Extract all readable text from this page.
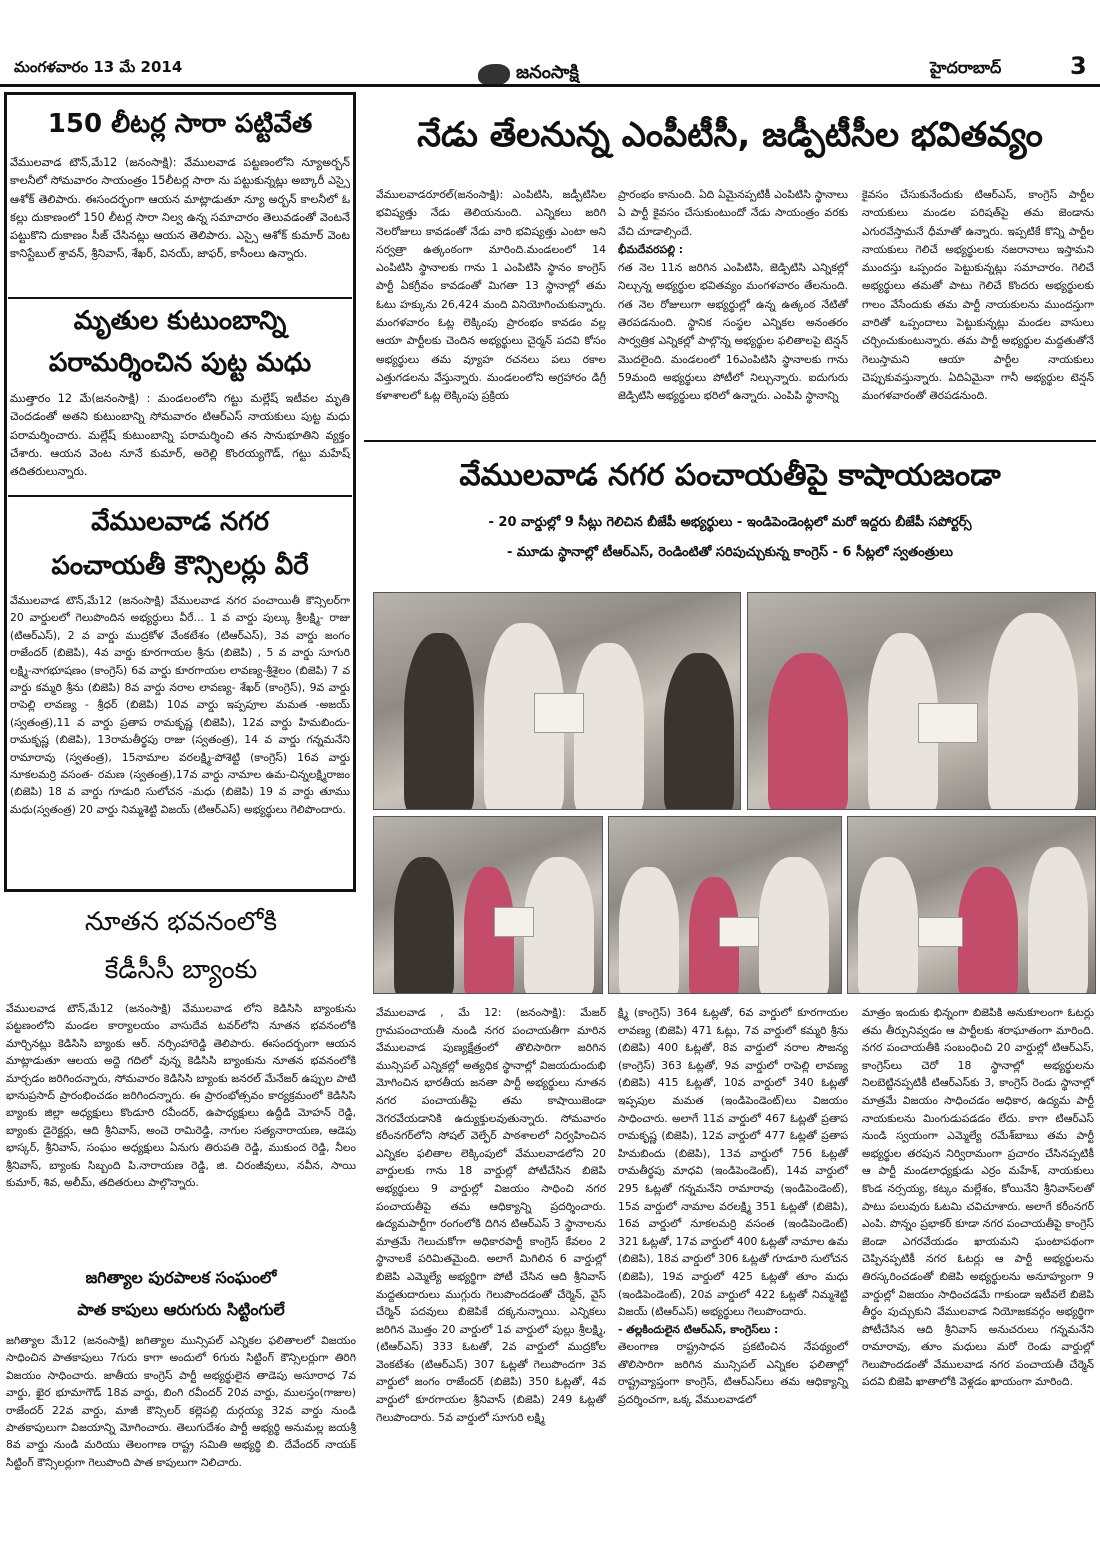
మంగళవారం 13 మే 2014	జనంసాక్షి	హైదరాబాద్	3
150 లీటర్ల సారా పట్టివేత
వేములవాడ టౌన్,మే12 (జనంసాక్షి): వేములవాడ పట్టణంలోని న్యూఅర్బన్ కాలనీలో సోమవారం సాయంత్రం 15లీటర్ల సారా ను పట్టుకున్నట్లు అబ్కారీ ఎస్సై ఆశోక్ తెలిపారు. ఈసందర్భంగా ఆయన మాట్లాడుతూ న్యూ అర్బన్ కాలనీలో ఓ కల్లు దుకాణంలో 150 లీటర్ల సారా నిల్వ ఉన్న సమాచారం తెలువడంతో వెంటనే పట్టుకొని దుకాణం సీజ్ చేసినట్లు ఆయన తెలిపారు. ఎస్సై ఆశోక్ కుమార్ వెంట కానిస్టేబుల్ శ్రావన్, శ్రీనివాస్, శేఖర్, వినయ్, జాఫర్, కాసీంలు ఉన్నారు.
మృతుల కుటుంబాన్ని
పరామర్శించిన పుట్ట మధు
ముత్తారం 12 మే(జనంసాక్షి) : మండలంలోని గట్టు మల్లేష్ ఇటీవల మృతి చెందడంతో అతని కుటుంబాన్ని సోమవారం టిఆర్ఎస్ నాయకులు పుట్ట మధు పరామర్శించారు. మల్లేష్ కుటుంబాన్ని పరామర్శించి తన సానుభూతిని వ్యక్తం చేశారు. ఆయన వెంట నూనే కుమార్, అరెల్లి కొంరయ్యగౌడ్, గట్టు మహేష్ తదితరులున్నారు.
వేములవాడ నగర
పంచాయతీ కౌన్సిలర్లు వీరే
వేములవాడ టౌన్,మే12 (జనంసాక్షి) వేములవాడ నగర పంచాయితీ కౌన్సిలర్‌గా 20 వార్డులలో గెలుపొందిన అభ్యర్ధులు వీరే... 1 వ వార్డు పుల్కు శ్రీలక్ష్మి- రాజు (టిఆర్ఎస్), 2 వ వార్డు ముద్రకోళ వేంకటేశం (టిఆర్ఎస్), 3వ వార్డు జంగం రాజేందర్ (బిజెపి), 4వ వార్డు కూరగాయల శ్రీను (బిజెపి) , 5 వ వార్డు సూగురి లక్ష్మి-నాగభూషణం (కాంగ్రెస్) 6వ వార్డు కూరగాయల లావణ్య-శ్రీశైలం (బిజెపి) 7 వ వార్డు కమ్మరి శ్రీను (బిజెపి) 8వ వార్డు నరాల లావణ్య- శేఖర్ (కాంగ్రెస్), 9వ వార్డు రాపెల్లి లావణ్య - శ్రీధర్ (బిజెపి) 10వ వార్డు ఇప్పపూల మమత -అజయ్ (స్వతంత్ర),11 వ వార్డు ప్రతాప రామకృష్ణ (బిజెపి), 12వ వార్డు హిమబిందు-రామకృష్ణ (బిజెపి), 13రామతీర్థపు రాజు (స్వతంత్ర), 14 వ వార్డు గన్నమనేని రామారావు (స్వతంత్ర), 15నామాల వరలక్ష్మి-పోశెట్టి (కాంగ్రెస్) 16వ వార్డు నూకలమర్రి వసంత- రమణ (స్వతంత్ర),17వ వార్డు నామాల ఉమ-చిన్నలక్ష్మిరాజం (బిజెపి) 18 వ వార్డు గూడురి సులోచన -మధు (బిజెపి) 19 వ వార్డు తూము మధు(స్వతంత్ర) 20 వార్డు నిమ్మశెట్టి విజయ్ (టిఆర్ఎస్) అభ్యర్థులు గెలిపొందారు.
నూతన భవనంలోకి
కేడీసీసీ బ్యాంకు
వేములవాడ టౌన్,మే12 (జనంసాక్షి) వేములవాడ లోని కెడిసిసి బ్యాంకును పట్టణంలోని మండల కార్యాలయం వాసుదేవ టవర్‌లోని నూతన భవనంలోకి మార్చినట్లు కెడిసిసి బ్యాంకు ఆర్. నర్సింహారెడ్డి తెలిపారు. ఈసందర్బంగా ఆయన మాట్లాడుతూ ఆలయ అద్దె గదిలో వున్న కెడిసిసి బ్యాంకును నూతన భవనంలోకి మార్చడం జరిగిందన్నారు, సోమవారం కెడిసిసి బ్యాంకు జనరల్ మేనేజర్ ఉప్పుల పాటి భానుప్రసాద్ ప్రారంభించడం జరిగిందన్నారు. ఈ ప్రారంభోత్సవం కార్యక్రమంలో కెడిసిసి బ్యాంకు జిల్లా అధ్యక్షులు కొండూరి రవీందర్, ఉపాధ్యక్షులు ఉద్దీడి మోహన్ రెడ్డి, బ్యాంకు డైరెక్టర్లు, ఆది శ్రీనివాస్, అంచె రామిరెడ్డి, నాగుల సత్యనారాయణ, ఆడెపు భాస్కర్, శ్రీనివాస్, సంఘం అధ్యక్షులు ఏనుగు తిరుపతి రెడ్డి, ముకుంద రెడ్డి, నీలం శ్రీనివాస్, బ్యాంకు సిబ్బంది పి.నారాయణ రెడ్డి, జి. చిరంజీవులు, నవీన, సాయి కుమార్, శివ, అలీమ్, తదితరులు పాల్గొన్నారు.
జగిత్యాల పురపాలక సంఘంలో
పాత కాపులు ఆరుగురు సిట్టింగులే
జగిత్యాల మే12 (జనంసాక్షి) జగిత్యాల మున్సిపల్ ఎన్నికల ఫలితాలలో విజయం సాధించిన పాతకాపులు 7గురు కాగా అందులో 6గురు సిట్టింగ్ కౌన్సిలర్లుగా తిరిగి విజయం సాధించారు. జాతీయ కాంగ్రెస్ పార్టీ అభ్యర్థులైన తాడెపు అసూరాధ 7వ వార్డు, ఖైర భూమాగౌడ్ 18వ వార్డు, బింగి రవీందర్ 20వ వార్డు, ములస్తం(గాజుల) రాజేందర్ 22వ వార్డు, మాజీ కౌన్సిలర్ కల్లెపల్లి దుర్గయ్య 32వ వార్డు నుండి పాతకాపులుగా విజయాన్ని మోగించారు. తెలుగుదేశం పార్టీ అభ్యర్థి అనుమల్ల జయశ్రీ 8వ వార్డు నుండి మరియు తెలంగాణ రాష్ట్ర సమితి అభ్యర్థి బి. దేవేందర్ నాయక్ సిట్టింగ్ కౌన్సిలర్లుగా గెలుపొంది పాత కాపులుగా నిలిచారు.
నేడు తేలనున్న ఎంపీటీసీ, జడ్పీటీసీల భవితవ్యం
వేములవాడరూరల్(జనంసాక్షి): ఎంపిటిసి, జడ్పీటిసిల భవిష్యత్తు నేడు తెలియనుంది. ఎన్నికలు జరిగి నెలరోజులు కావడంతో నేడు వారి భవిష్యత్తు ఎంటా అని సర్వత్రా ఉత్కంఠంగా మారింది.మండలంలో 14 ఎంపిటిసి స్థానాలకు గాను 1 ఎంపిటిసి స్థానం కాంగ్రెస్ పార్టీ ఏకగ్రీవం కావడంతో మిగతా 13 స్థానాల్లో తమ ఓటు హక్కును 26,424 మంది వినియోగించుకున్నారు. మంగళవారం ఓట్ల లెక్కింపు ప్రారంభం కావడం వల్ల ఆయా పార్టీలకు చెందిన అభ్యర్థులు చైర్మన్ పదవి కోసం అభ్యర్థులు తమ వ్యూహ రచనలు పలు రకాల ఎత్తుగడలను వేస్తున్నారు. మండలంలోని అగ్రహారం డిగ్రీ కళాశాలలో ఓట్ల లెక్కింపు ప్రక్రియ
ప్రారంభం కానుంది. ఏది ఏమైనప్పటికీ ఎంపిటిసి స్థానాలు ఏ పార్టీ కైవసం చేసుకుంటుందో నేడు సాయంత్రం వరకు వేచి చూడాల్సిందే.
భీమదేవరపల్లి :
గత నెల 11న జరిగిన ఎంపిటిసి, జెడ్పిటిసి ఎన్నికల్లో నిల్చున్న అభ్యర్థుల భవితవ్యం మంగళవారం తేలనుంది. గత నెల రోజులుగా అభ్యర్థుల్లో ఉన్న ఉత్కంఠ నేటితో తెరపడనుంది. స్థానిక సంస్థల ఎన్నికల అనంతరం సార్వత్రిక ఎన్నికల్లో పాల్గొన్న అభ్యర్థుల ఫలితాలపై టెన్షన్ మొదలైంది. మండలంలో 16ఎంపిటిసి స్థానాలకు గాను 59మంది అభ్యర్థులు పోటీలో నిల్చున్నారు. ఐదుగురు జెడ్పిటిసి అభ్యర్థులు భరిలో ఉన్నారు. ఎంపిపి స్థానాన్ని
కైవసం చేసుకునేందుకు టిఆర్ఎస్, కాంగ్రెస్ పార్టీల నాయకులు మండల పరిషత్‌పై తమ జెండాను ఎగురవేస్తామనే ధీమాతో ఉన్నారు. ఇప్పటికే కొన్ని పార్టీల నాయకులు గెలిచే అభ్యర్థులకు నజరానాలు ఇస్తామని ముందస్తు ఒప్పందం పెట్టుకున్నట్లు సమాచారం. గెలిచే అభ్యర్థులు తమతో పాటు గెలిచే కొందరు అభ్యర్థులకు గాలం వేసేందుకు తమ పార్టీ నాయకులను ముందస్తుగా వారితో ఒప్పందాలు పెట్టుకున్నట్లు మండల వాసులు చర్చించుకుంటున్నారు. తమ పార్టీ అభ్యర్థుల మద్దతుతోనే గెలుస్తామని ఆయా పార్టీల నాయకులు చెప్పుకువస్తున్నారు. ఏదిఏమైనా గానీ అభ్యర్థుల టెన్షన్ మంగళవారంతో తెరపడనుంది.
వేములవాడ నగర పంచాయతీపై కాషాయజండా
- 20 వార్డుల్లో 9 సీట్లు గెలిచిన బీజేపీ అభ్యర్థులు - ఇండిపెండెంట్లలో మరో ఇద్దరు బీజేపీ సపోర్టర్స్
- మూడు స్థానాల్లో టీఆర్ఎస్, రెండింటితో సరిపుచ్చుకున్న కాంగ్రెస్ - 6 సీట్లలో స్వతంత్రులు
వేములవాడ , మే 12: (జనంసాక్షి): మేజర్ గ్రామపంచాయతీ నుండి నగర పంచాయతీగా మారిన వేములవాడ పుణ్యక్షేత్రంలో తొలిసారిగా జరిగిన మున్సిపల్ ఎన్నికల్లో అత్యధిక స్థానాల్లో విజయదుందుభి మోగించిన భారతీయ జనతా పార్టీ అభ్యర్థులు నూతన నగర పంచాయతీపై తమ కాషాయిజెండా నెగరవేయడానికి ఉద్యుక్తులవుతున్నారు. సోమవారం కరీంనగర్‌లోని సోషల్ వెల్ఫేర్ పాఠశాలలో నిర్వహించిన ఎన్నికల ఫలితాల లెక్కింపులో వేములవాడలోని 20 వార్డులకు గాను 18 వార్డుల్లో పోటీచేసిన బిజెపి అభ్యర్థులు 9 వార్డుల్లో విజయం సాధించి నగర పంచాయతీపై తమ ఆధిక్యాన్ని ప్రదర్శించారు. ఉద్యమపార్టీగా రంగంలోకి దిగిన టిఆర్ఎస్ 3 స్థానాలను మాత్రమే గెలుచుకోగా అధికారపార్టీ కాంగ్రెస్ కేవలం 2 స్థానాలకే పరిమితమైంది. అలాగే మిగిలిన 6 వార్డుల్లో బిజెపి ఎమ్మెల్యే అభ్యర్థిగా పోటీ చేసిన ఆది శ్రీనివాస్ మద్దతుదారులు ముగ్గురు గెలుపొందడంతో చేర్మెన్, వైస్ చేర్మెన్ పదవులు బిజెపికే దక్కనున్నాయి. ఎన్నికలు జరిగిన మొత్తం 20 వార్డులో 1వ వార్డులో పుల్లు శ్రీలక్ష్మి, (టిఆర్ఎస్) 333 ఓటతో, 2వ వార్డులో ముద్రకోల వెంకటేశం (టిఆర్ఎస్) 307 ఓట్లతో గెలుపొందగా 3వ వార్డులో జంగం రాజేందర్ (బిజెపి) 350 ఓట్లతో, 4వ వార్డులో కూరగాయల శ్రీనివాస్ (బిజెపి) 249 ఓట్లతో గెలుపొందారు. 5వ వార్డులో సూగురి లక్ష్మి
క్ష్మి (కాంగ్రెస్) 364 ఓట్లతో, 6వ వార్డులో కూరగాయల లావణ్య (బిజెపి) 471 ఓట్లు, 7వ వార్డులో కమ్మరి శ్రీను (బిజెపి) 400 ఓట్లతో, 8వ వార్డులో నరాల సౌజన్య (కాంగ్రెస్) 363 ఓట్లతో, 9వ వార్డులో రాపెల్లి లావణ్య (బిజెపి) 415 ఓట్లతో, 10వ వార్డులో 340 ఓట్లతో ఇప్పపుల మమత (ఇండిపెండెంట్)లు విజయం సాధించారు. అలాగే 11వ వార్డులో 467 ఓట్లతో ప్రతాప రామకృష్ణ (బిజెపి), 12వ వార్డులో 477 ఓట్లతో ప్రతాప హిమబిందు (బిజెపి), 13వ వార్డులో 756 ఓట్లతో రామతీర్థపు మాధవి (ఇండిపెండెంట్), 14వ వార్డులో 295 ఓట్లతో గన్నమనేని రామారావు (ఇండిపెండెంట్), 15వ వార్డులో నామాల వరలక్ష్మి 351 ఓట్లతో (బిజెపి), 16వ వార్డులో నూకలమర్రి వసంత (ఇండిపెండెంట్) 321 ఓట్లతో, 17వ వార్డులో 400 ఓట్లతో నామాల ఉమ (బిజెపి), 18వ వార్డులో 306 ఓట్లతో గూడూరి సులోచన (బిజెపి), 19వ వార్డులో 425 ఓట్లతో తూం మధు (ఇండిపెండెంట్), 20వ వార్డులో 422 ఓట్లతో నిమ్మశెట్టి విజయ్ (టిఆర్ఎస్) అభ్యర్థులు గెలుపొందారు.
- తల్లకిందులైన టిఆర్ఎస్, కాంగ్రెస్‌లు :
తెలంగాణ రాష్ట్రసాధన ప్రకటించిన నేపథ్యంలో తొలిసారిగా జరిగిన మున్సిపల్ ఎన్నికల ఫలితాల్లో రాష్ట్రవ్యాప్తంగా కాంగ్రెస్, టిఆర్ఎస్‌లు తమ ఆధిక్యాన్ని ప్రదర్శించగా, ఒక్క వేములవాడలో
మాత్రం ఇందుకు భిన్నంగా బిజెపికి అనుకూలంగా ఓటర్లు తమ తీర్పునివ్వడం ఆ పార్టీలకు శరాఘాతంగా మారింది. నగర పంచాయతీకి సంబంధించి 20 వార్డుల్లో టిఆర్ఎస్, కాంగ్రెస్‌లు చెరో 18 స్థానాల్లో అభ్యర్థులను నిలబెట్టినప్పటికీ టిఆర్ఎస్‌కు 3, కాంగ్రెస్ రెండు స్థానాల్లో మాత్రమే విజయం సాధించడం అధికార, ఉద్యమ పార్టీ నాయకులను మింగుడుపడడం లేదు. కాగా టిఆర్ఎస్ నుండి స్వయంగా ఎమ్మెల్యే రమేశ్‌బాబు తమ పార్టీ అభ్యర్థుల తరపున నిర్విరామంగా ప్రచారం చేసినప్పటికీ ఆ పార్టీ మండలాధ్యక్షుడు ఎర్రం మహేశ్, నాయకులు కొండ నర్సయ్య, కట్కం మల్లేశం, కోయినేని శ్రీనివాస్‌లతో పాటు పలువురు ఓటమి చవిచూశారు. అలాగే కరీంనగర్ ఎంపి. పొన్నం ప్రభాకర్ కూడా నగర పంచాయతీపై కాంగ్రెస్ జెండా ఎగరవేయడం ఖాయమని ఘంటాపథంగా చెప్పినప్పటికీ నగర ఓటర్లు ఆ పార్టీ అభ్యర్థులను తిరస్కరించడంతో బిజెపి అభ్యర్థులను అనూహ్యంగా 9 వార్డుల్లో విజయం సాధించడమే గాకుండా ఇటీవలే బిజెపి తీర్థం పుచ్చుకుని వేములవాడ నియోజకవర్గం అభ్యర్థిగా పోటీచేసిన ఆది శ్రీనివాస్ అనుచరులు గన్నమనేని రామారావు, తూం మధులు మరో రెండు వార్డుల్లో గెలుపొందడంతో వేములవాడ నగర పంచాయతీ చేర్మెన్ పదవి బిజెపి ఖాతాలోకి వెళ్లడం ఖాయంగా మారింది.
